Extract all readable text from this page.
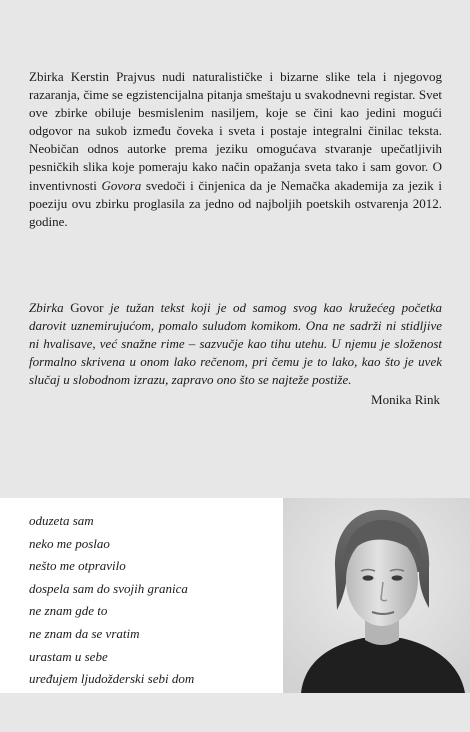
Zbirka Kerstin Prajvus nudi naturalističke i bizarne slike tela i njegovog razaranja, čime se egzistencijalna pitanja smeštaju u svakodnevni registar. Svet ove zbirke obiluje besmislenim nasiljem, koje se čini kao jedini mogući odgovor na sukob između čoveka i sveta i postaje integralni činilac teksta. Neobičan odnos autorke prema jeziku omogućava stvaranje upečatljivih pesničkih slika koje pomeraju kako način opažanja sveta tako i sam govor. O inventivnosti Govora svedoči i činjenica da je Nemačka akademija za jezik i poeziju ovu zbirku proglasila za jedno od najboljih poetskih ostvarenja 2012. godine.

Zbirka Govor je tužan tekst koji je od samog svog kao kružećeg početka darovit uznemirujućom, pomalo suludom komikom. Ona ne sadrži ni stidljive ni hvalisave, već snažne rime – sazvučje kao tihu utehu. U njemu je složenost formalno skrivena u onom lako rečenom, pri čemu je to lako, kao što je uvek slučaj u slobodnom izrazu, zapravo ono što se najteže postiže.

Monika Rink

oduzeta sam
neko me poslao
nešto me otpravilo
dospela sam do svojih granica
ne znam gde to
ne znam da se vratim
urastam u sebe
uređujem ljudožderski sebi dom
